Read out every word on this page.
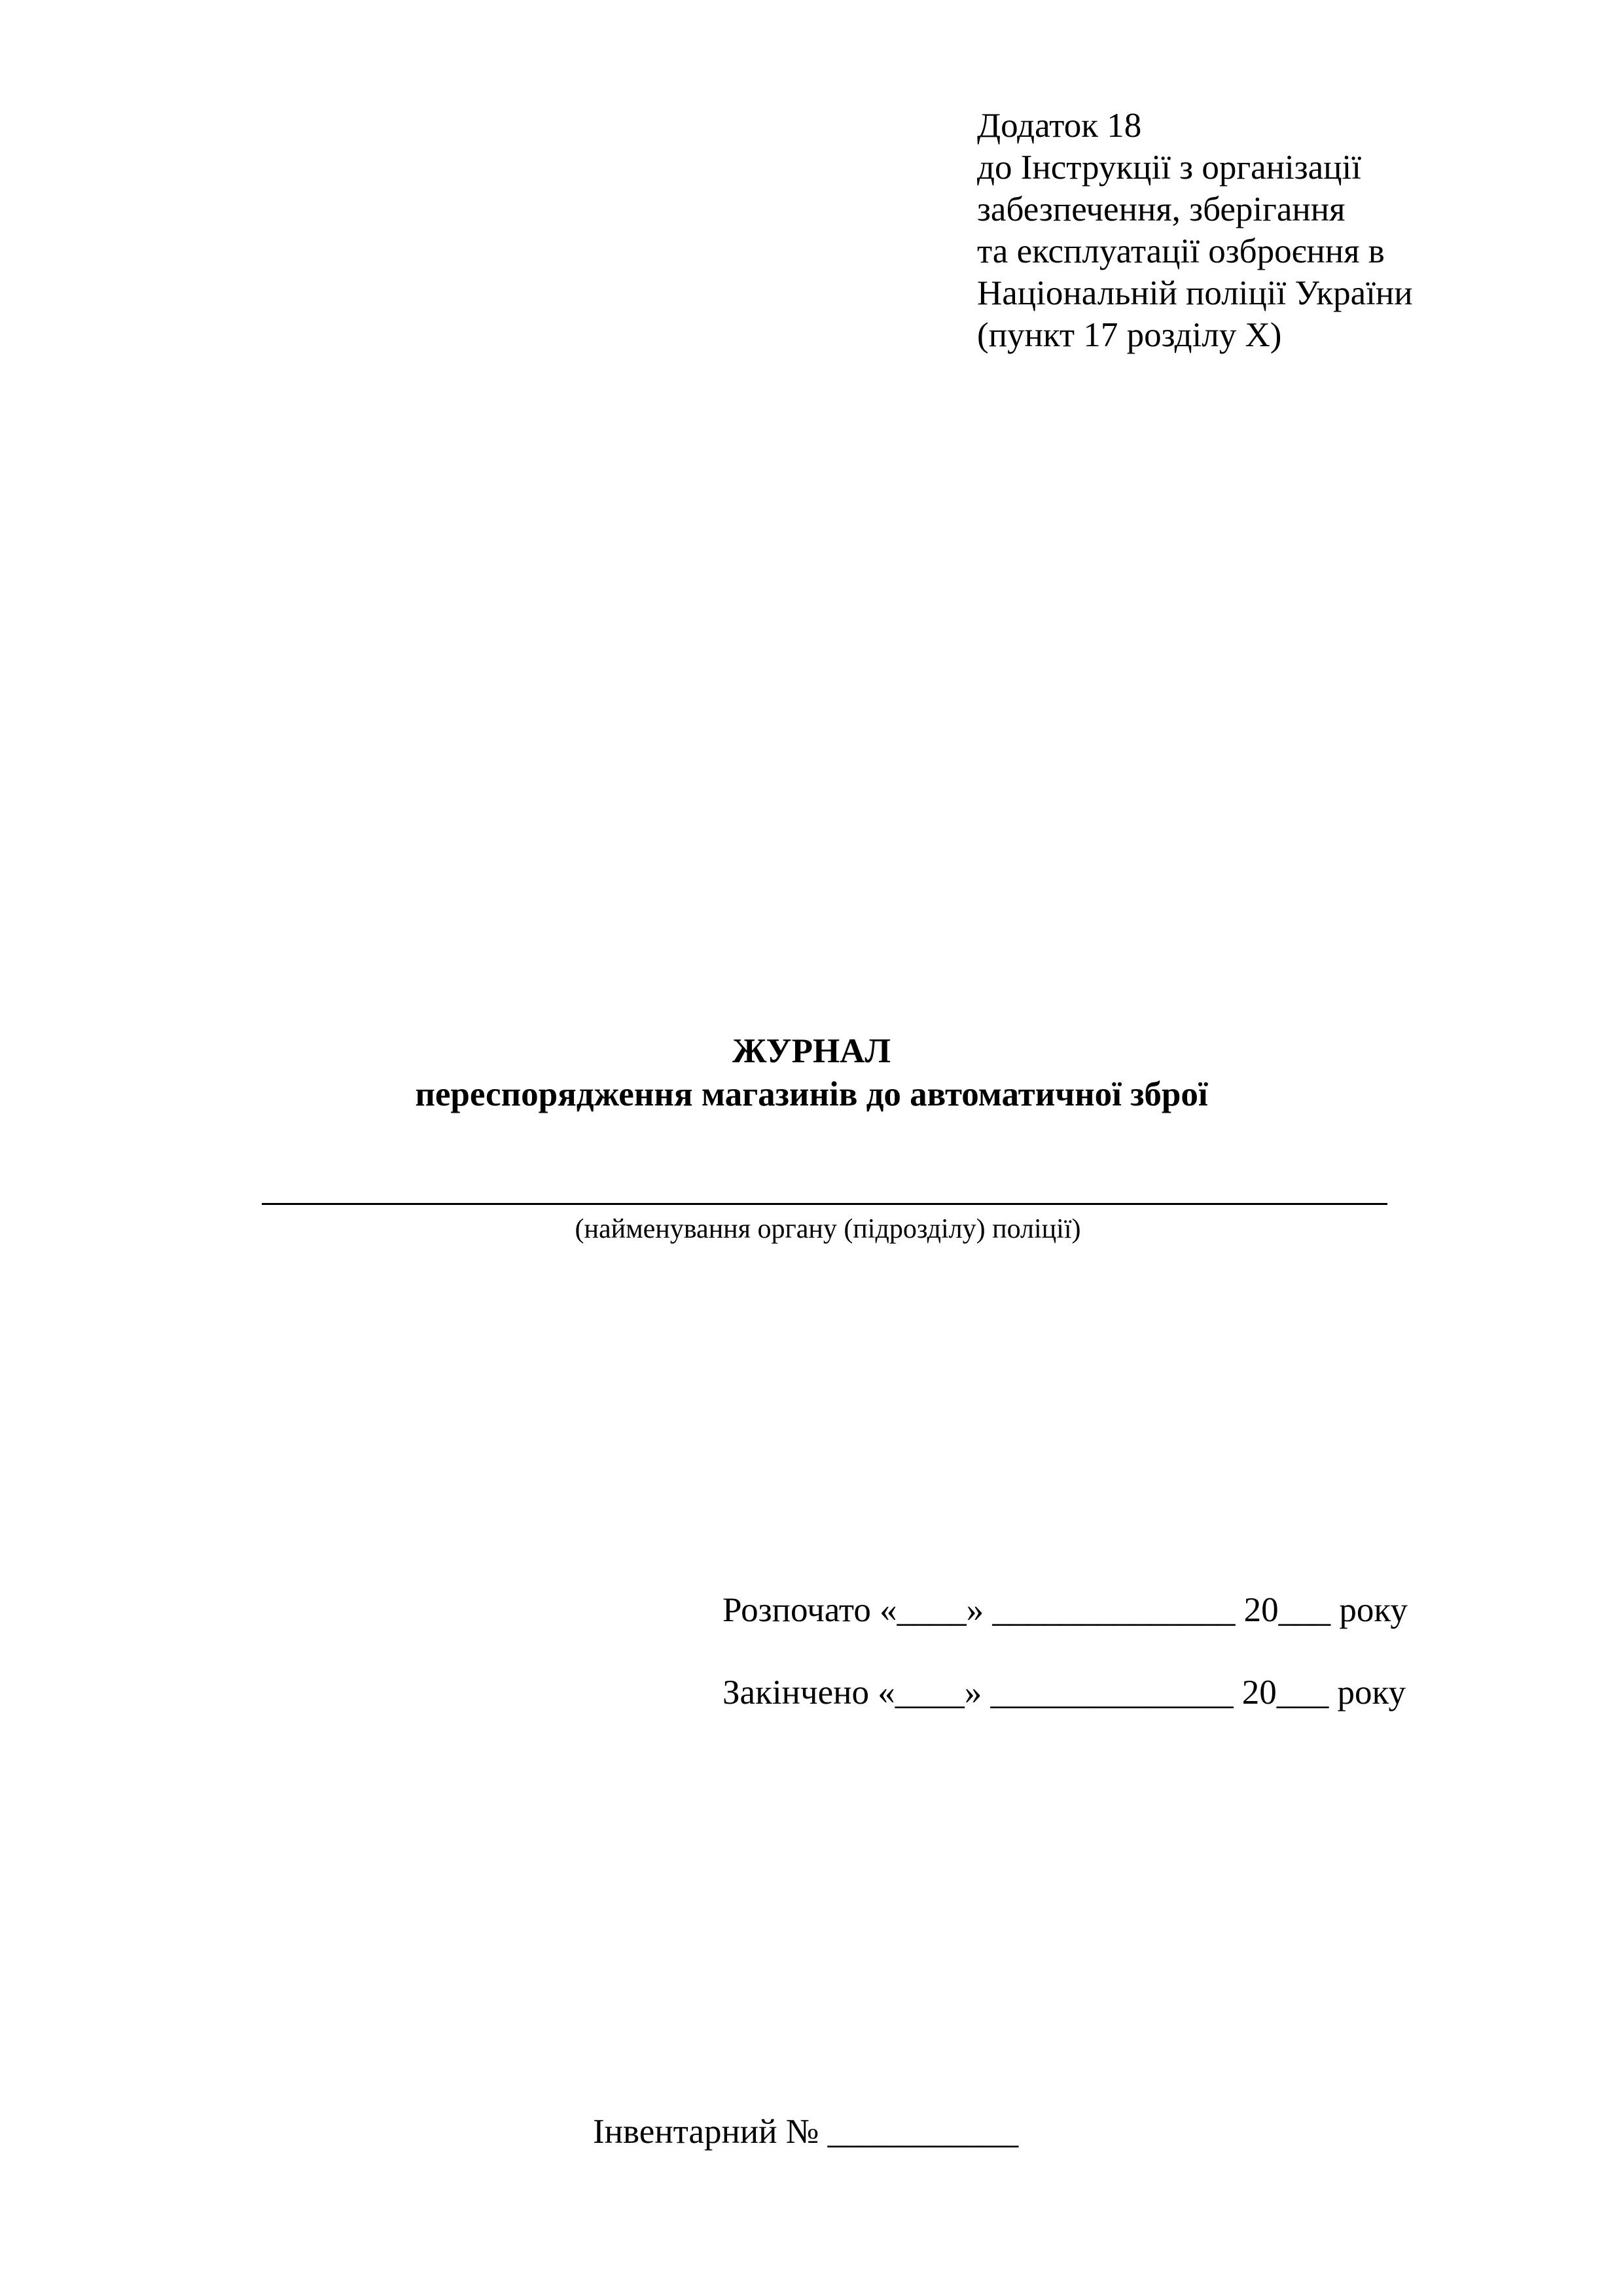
Додаток 18
до Інструкції з організації
забезпечення, зберігання
та експлуатації озброєння в
Національній поліції України
(пункт 17 розділу Х)
ЖУРНАЛ
переспорядження магазинів до автоматичної зброї
(найменування органу (підрозділу) поліції)
Розпочато «____» ______________ 20___ року
Закінчено «____» ______________ 20___ року
Інвентарний № ___________
